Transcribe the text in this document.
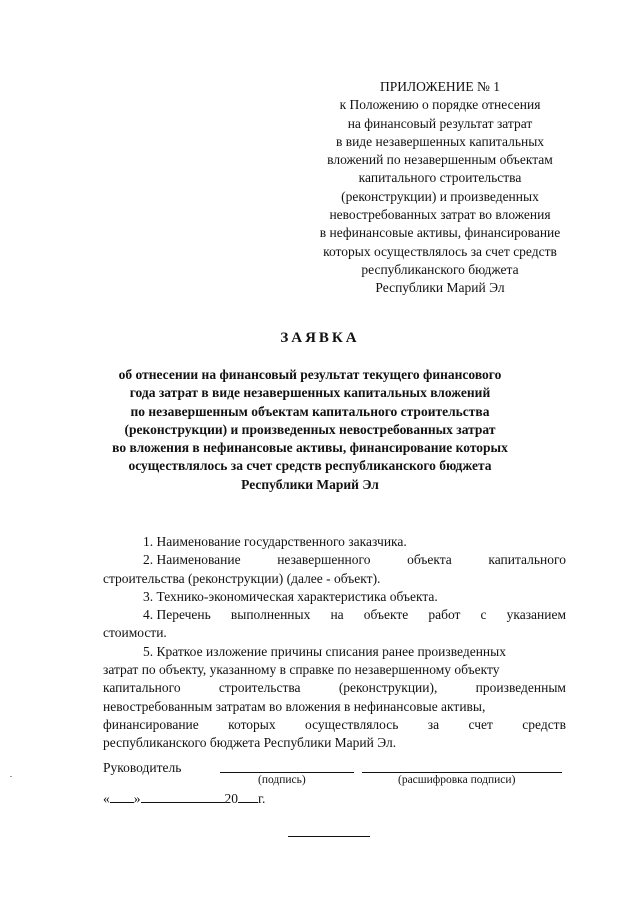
ПРИЛОЖЕНИЕ № 1
к Положению о порядке отнесения
на финансовый результат затрат
в виде незавершенных капитальных
вложений по незавершенным объектам
капитального строительства
(реконструкции) и произведенных
невостребованных затрат во вложения
в нефинансовые активы, финансирование
которых осуществлялось за счет средств
республиканского бюджета
Республики Марий Эл
ЗАЯВКА
об отнесении на финансовый результат текущего финансового
года затрат в виде незавершенных капитальных вложений
по незавершенным объектам капитального строительства
(реконструкции) и произведенных невостребованных затрат
во вложения в нефинансовые активы, финансирование которых
осуществлялось за счет средств республиканского бюджета
Республики Марий Эл
1. Наименование государственного заказчика.
2. Наименование	незавершенного	объекта	капитального
строительства (реконструкции) (далее - объект).
3. Технико-экономическая характеристика объекта.
4. Перечень выполненных на объекте работ с указанием
стоимости.
5. Краткое изложение причины списания ранее произведенных
затрат по объекту, указанному в справке по незавершенному объекту
капитального	строительства	(реконструкции),	произведенным
невостребованным затратам во вложения в нефинансовые активы,
финансирование которых осуществлялось за счет средств
республиканского бюджета Республики Марий Эл.
Руководитель
(подпись)	(расшифровка подписи)
« »	20 г.
